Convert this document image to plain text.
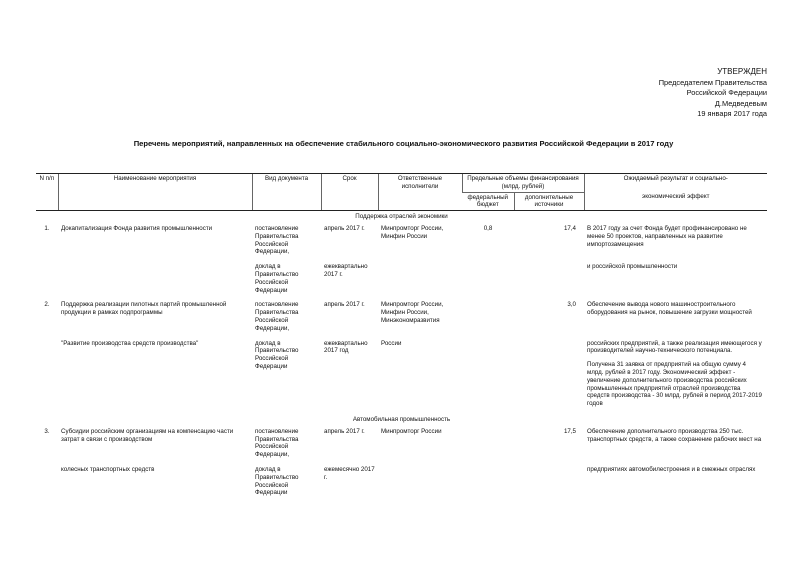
УТВЕРЖДЕН
Председателем Правительства
Российской Федерации
Д.Медведевым
19 января 2017 года
Перечень мероприятий, направленных на обеспечение стабильного социально-экономического развития Российской Федерации в 2017 году
N п/п	Наименование мероприятия	Вид документа	Срок	Ответственные исполнители	Предельные объемы финансирования (млрд. рублей)		Ожидаемый результат и социально-
экономический эффект

					федеральный бюджет	дополнительные источники	
Поддержка отраслей экономики							
1.	Докапитализация Фонда развития промышленности	постановление Правительства Российской Федерации,	апрель 2017 г.	Минпромторг России, Минфин России	0,8	17,4	В 2017 году за счет Фонда будет профинансировано не менее 50 проектов, направленных на развитие импортозамещения
		доклад в Правительство Российской Федерации	ежеквартально 2017 г.				и российской промышленности
2.	Поддержка реализации пилотных партий промышленной продукции в рамках подпрограммы	постановление Правительства Российской Федерации,	апрель 2017 г.	Минпромторг России, Минфин России, Минэкономразвития		3,0	Обеспечение вывода нового машиностроительного оборудования на рынок, повышение загрузки мощностей
	"Развитие производства средств производства"	доклад в Правительство Российской Федерации	ежеквартально 2017 год	России			российских предприятий, а также реализация имеющегося у производителей научно-технического потенциала.
Получена 31 заявка от предприятий на общую сумму 4 млрд. рублей в 2017 году. Экономический эффект - увеличение дополнительного производства российских промышленных предприятий отраслей производства средств производства - 30 млрд. рублей в период 2017-2019 годов

Автомобильная промышленность							
3.	Субсидии российским организациям на компенсацию части затрат в связи с производством	постановление Правительства Российской Федерации,	апрель 2017 г.	Минпромторг России		17,5	Обеспечение дополнительного производства 250 тыс. транспортных средств, а также сохранение рабочих мест на
	колесных транспортных средств	доклад в Правительство Российской Федерации	ежемесячно 2017 г.				предприятиях автомобилестроения и в смежных отраслях
